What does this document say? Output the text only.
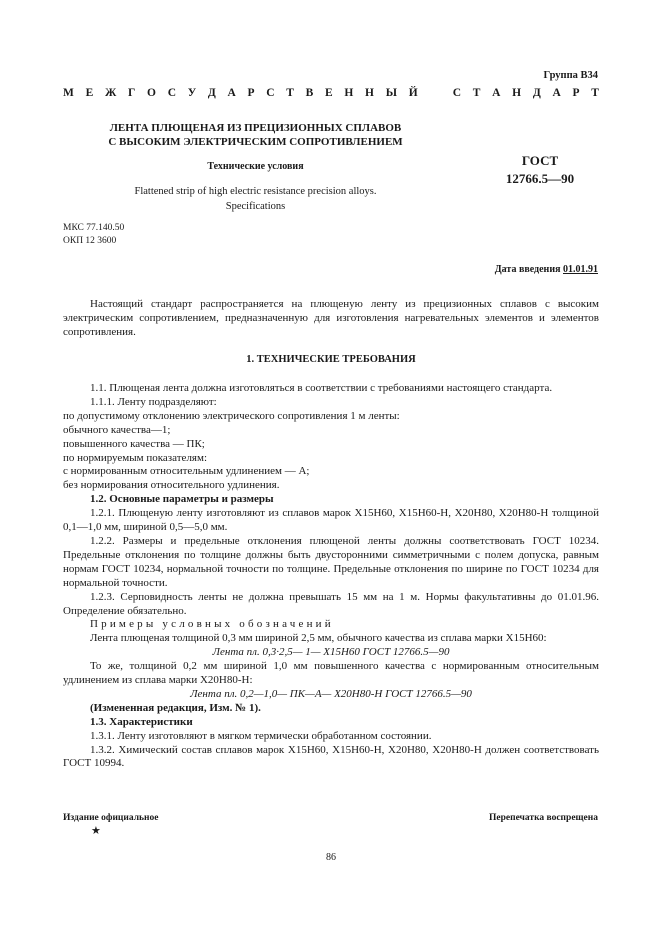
Группа В34
М Е Ж Г О С У Д А Р С Т В Е Н Н Ы Й	С Т А Н Д А Р Т
ЛЕНТА ПЛЮЩЕНАЯ ИЗ ПРЕЦИЗИОННЫХ СПЛАВОВ
С ВЫСОКИМ ЭЛЕКТРИЧЕСКИМ СОПРОТИВЛЕНИЕМ
Технические условия
Flattened strip of high electric resistance precision alloys.
Specifications
ГОСТ
12766.5—90
МКС 77.140.50
ОКП 12 3600
Дата введения 01.01.91
Настоящий стандарт распространяется на плющеную ленту из прецизионных сплавов с высоким электрическим сопротивлением, предназначенную для изготовления нагревательных элементов и элементов сопротивления.
1. ТЕХНИЧЕСКИЕ ТРЕБОВАНИЯ
1.1. Плющеная лента должна изготовляться в соответствии с требованиями настоящего стандарта.
1.1.1. Ленту подразделяют:
по допустимому отклонению электрического сопротивления 1 м ленты:
обычного качества—1;
повышенного качества — ПК;
по нормируемым показателям:
с нормированным относительным удлинением — А;
без нормирования относительного удлинения.
1.2. Основные параметры и размеры
1.2.1. Плющеную ленту изготовляют из сплавов марок Х15Н60, Х15Н60-Н, Х20Н80, Х20Н80-Н толщиной 0,1—1,0 мм, шириной 0,5—5,0 мм.
1.2.2. Размеры и предельные отклонения плющеной ленты должны соответствовать ГОСТ 10234. Предельные отклонения по толщине должны быть двусторонними симметричными с полем допуска, равным нормам ГОСТ 10234, нормальной точности по толщине. Предельные отклонения по ширине по ГОСТ 10234 для нормальной точности.
1.2.3. Серповидность ленты не должна превышать 15 мм на 1 м. Нормы факультативны до 01.01.96. Определение обязательно.
Примеры условных обозначений
Лента плющеная толщиной 0,3 мм шириной 2,5 мм, обычного качества из сплава марки Х15Н60:
Лента пл. 0,3·2,5— 1— Х15Н60 ГОСТ 12766.5—90
То же, толщиной 0,2 мм шириной 1,0 мм повышенного качества с нормированным относительным удлинением из сплава марки Х20Н80-Н:
Лента пл. 0,2—1,0— ПК—А— Х20Н80-Н ГОСТ 12766.5—90
(Измененная редакция, Изм. № 1).
1.3. Характеристики
1.3.1. Ленту изготовляют в мягком термически обработанном состоянии.
1.3.2. Химический состав сплавов марок Х15Н60, Х15Н60-Н, Х20Н80, Х20Н80-Н должен соответствовать ГОСТ 10994.
Издание официальное
★
Перепечатка воспрещена
86
